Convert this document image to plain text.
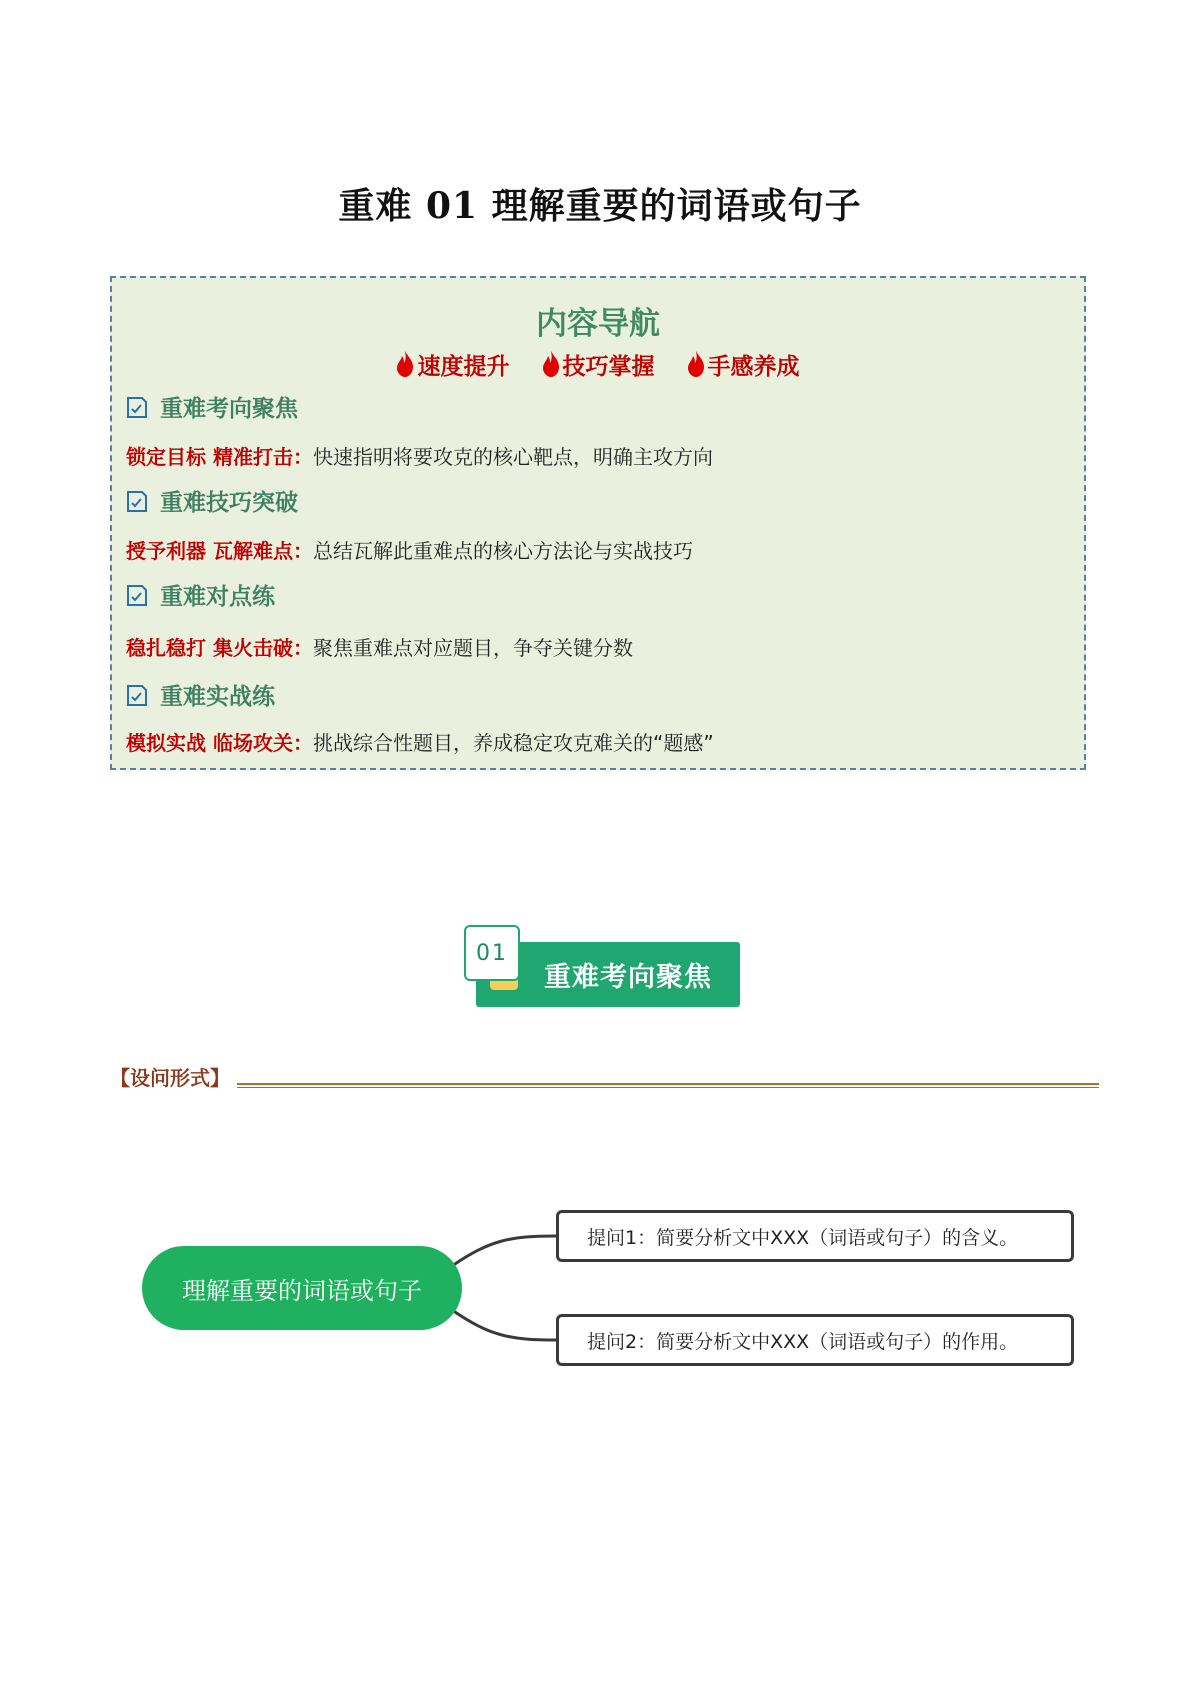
重难 01 理解重要的词语或句子
内容导航
速度提升 技巧掌握 手感养成
重难考向聚焦
锁定目标 精准打击：快速指明将要攻克的核心靶点，明确主攻方向
重难技巧突破
授予利器 瓦解难点：总结瓦解此重难点的核心方法论与实战技巧
重难对点练
稳扎稳打 集火击破：聚焦重难点对应题目，争夺关键分数
重难实战练
模拟实战 临场攻关：挑战综合性题目，养成稳定攻克难关的“题感”
01
重难考向聚焦
【设问形式】
理解重要的词语或句子
提问1：简要分析文中XXX（词语或句子）的含义。
提问2：简要分析文中XXX（词语或句子）的作用。
